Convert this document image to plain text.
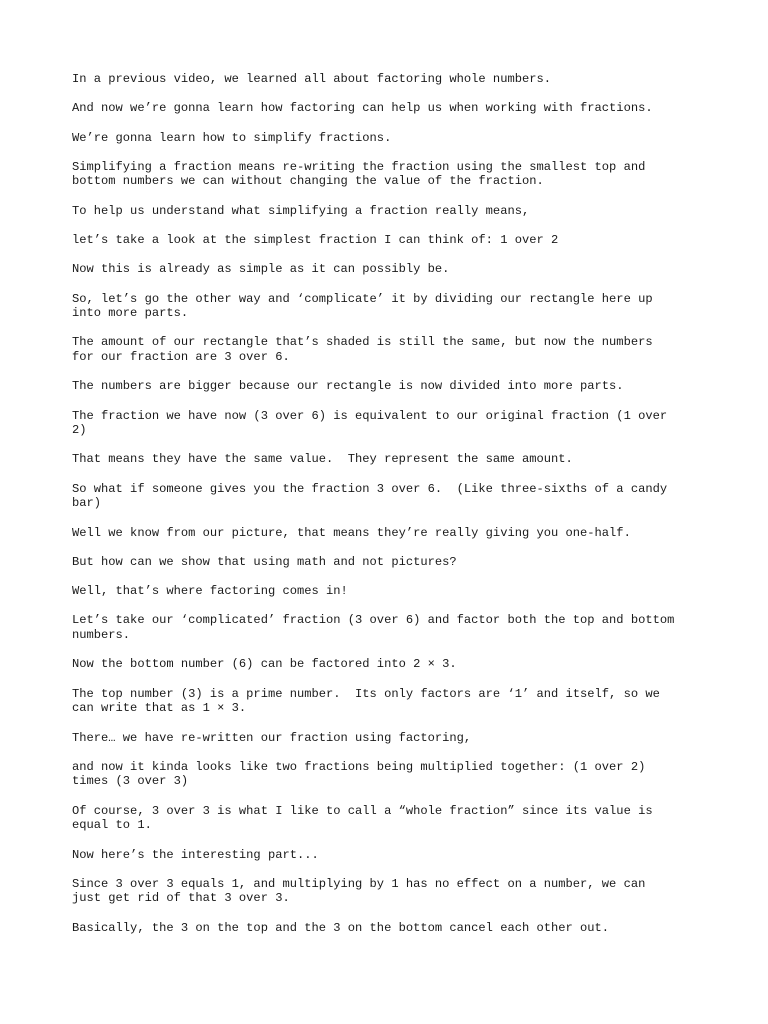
In a previous video, we learned all about factoring whole numbers.

And now we’re gonna learn how factoring can help us when working with fractions.

We’re gonna learn how to simplify fractions.

Simplifying a fraction means re-writing the fraction using the smallest top and
bottom numbers we can without changing the value of the fraction.

To help us understand what simplifying a fraction really means,

let’s take a look at the simplest fraction I can think of: 1 over 2

Now this is already as simple as it can possibly be.

So, let’s go the other way and ‘complicate’ it by dividing our rectangle here up
into more parts.

The amount of our rectangle that’s shaded is still the same, but now the numbers
for our fraction are 3 over 6.

The numbers are bigger because our rectangle is now divided into more parts.

The fraction we have now (3 over 6) is equivalent to our original fraction (1 over
2)

That means they have the same value.  They represent the same amount.

So what if someone gives you the fraction 3 over 6.  (Like three-sixths of a candy
bar)

Well we know from our picture, that means they’re really giving you one-half.

But how can we show that using math and not pictures?

Well, that’s where factoring comes in!

Let’s take our ‘complicated’ fraction (3 over 6) and factor both the top and bottom
numbers.

Now the bottom number (6) can be factored into 2 × 3.

The top number (3) is a prime number.  Its only factors are ‘1’ and itself, so we
can write that as 1 × 3.

There… we have re-written our fraction using factoring,

and now it kinda looks like two fractions being multiplied together: (1 over 2)
times (3 over 3)

Of course, 3 over 3 is what I like to call a “whole fraction” since its value is
equal to 1.

Now here’s the interesting part...

Since 3 over 3 equals 1, and multiplying by 1 has no effect on a number, we can
just get rid of that 3 over 3.

Basically, the 3 on the top and the 3 on the bottom cancel each other out.
